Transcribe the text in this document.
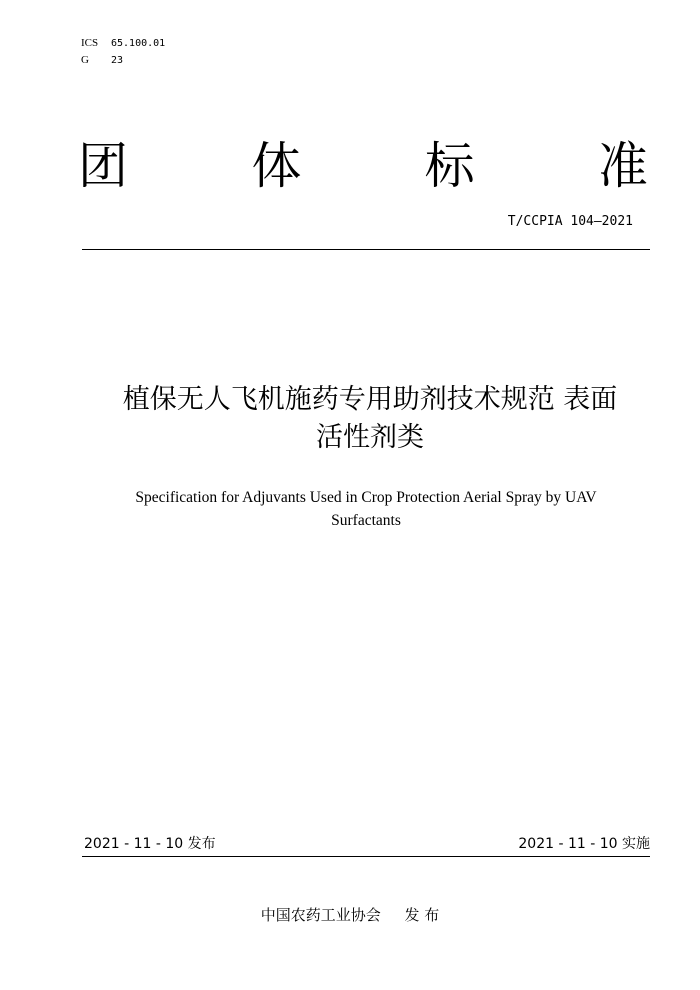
ICS	65.100.01
G	23
团 体 标 准
T/CCPIA 104—2021
植保无人飞机施药专用助剂技术规范 表面
活性剂类
Specification for Adjuvants Used in Crop Protection Aerial Spray by UAV
Surfactants
2021 - 11 - 10 发布	2021 - 11 - 10 实施
中国农药工业协会     发 布
